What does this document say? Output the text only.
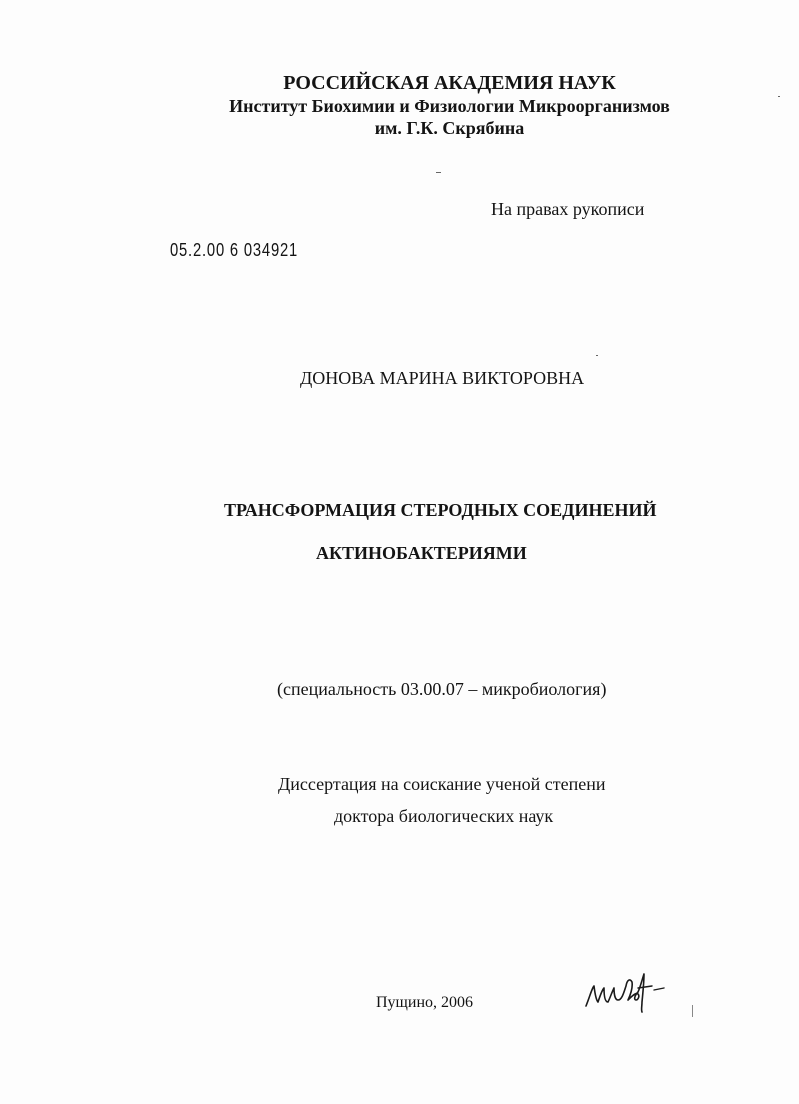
РОССИЙСКАЯ АКАДЕМИЯ НАУК

Институт Биохимии и Физиологии Микроорганизмов

им. Г.К. Скрябина

На правах рукописи

05.2.00 6 034921

ДОНОВА МАРИНА ВИКТОРОВНА

ТРАНСФОРМАЦИЯ СТЕРОДНЫХ СОЕДИНЕНИЙ

АКТИНОБАКТЕРИЯМИ

(специальность 03.00.07 – микробиология)

Диссертация на соискание ученой степени

доктора биологических наук

Пущино, 2006
